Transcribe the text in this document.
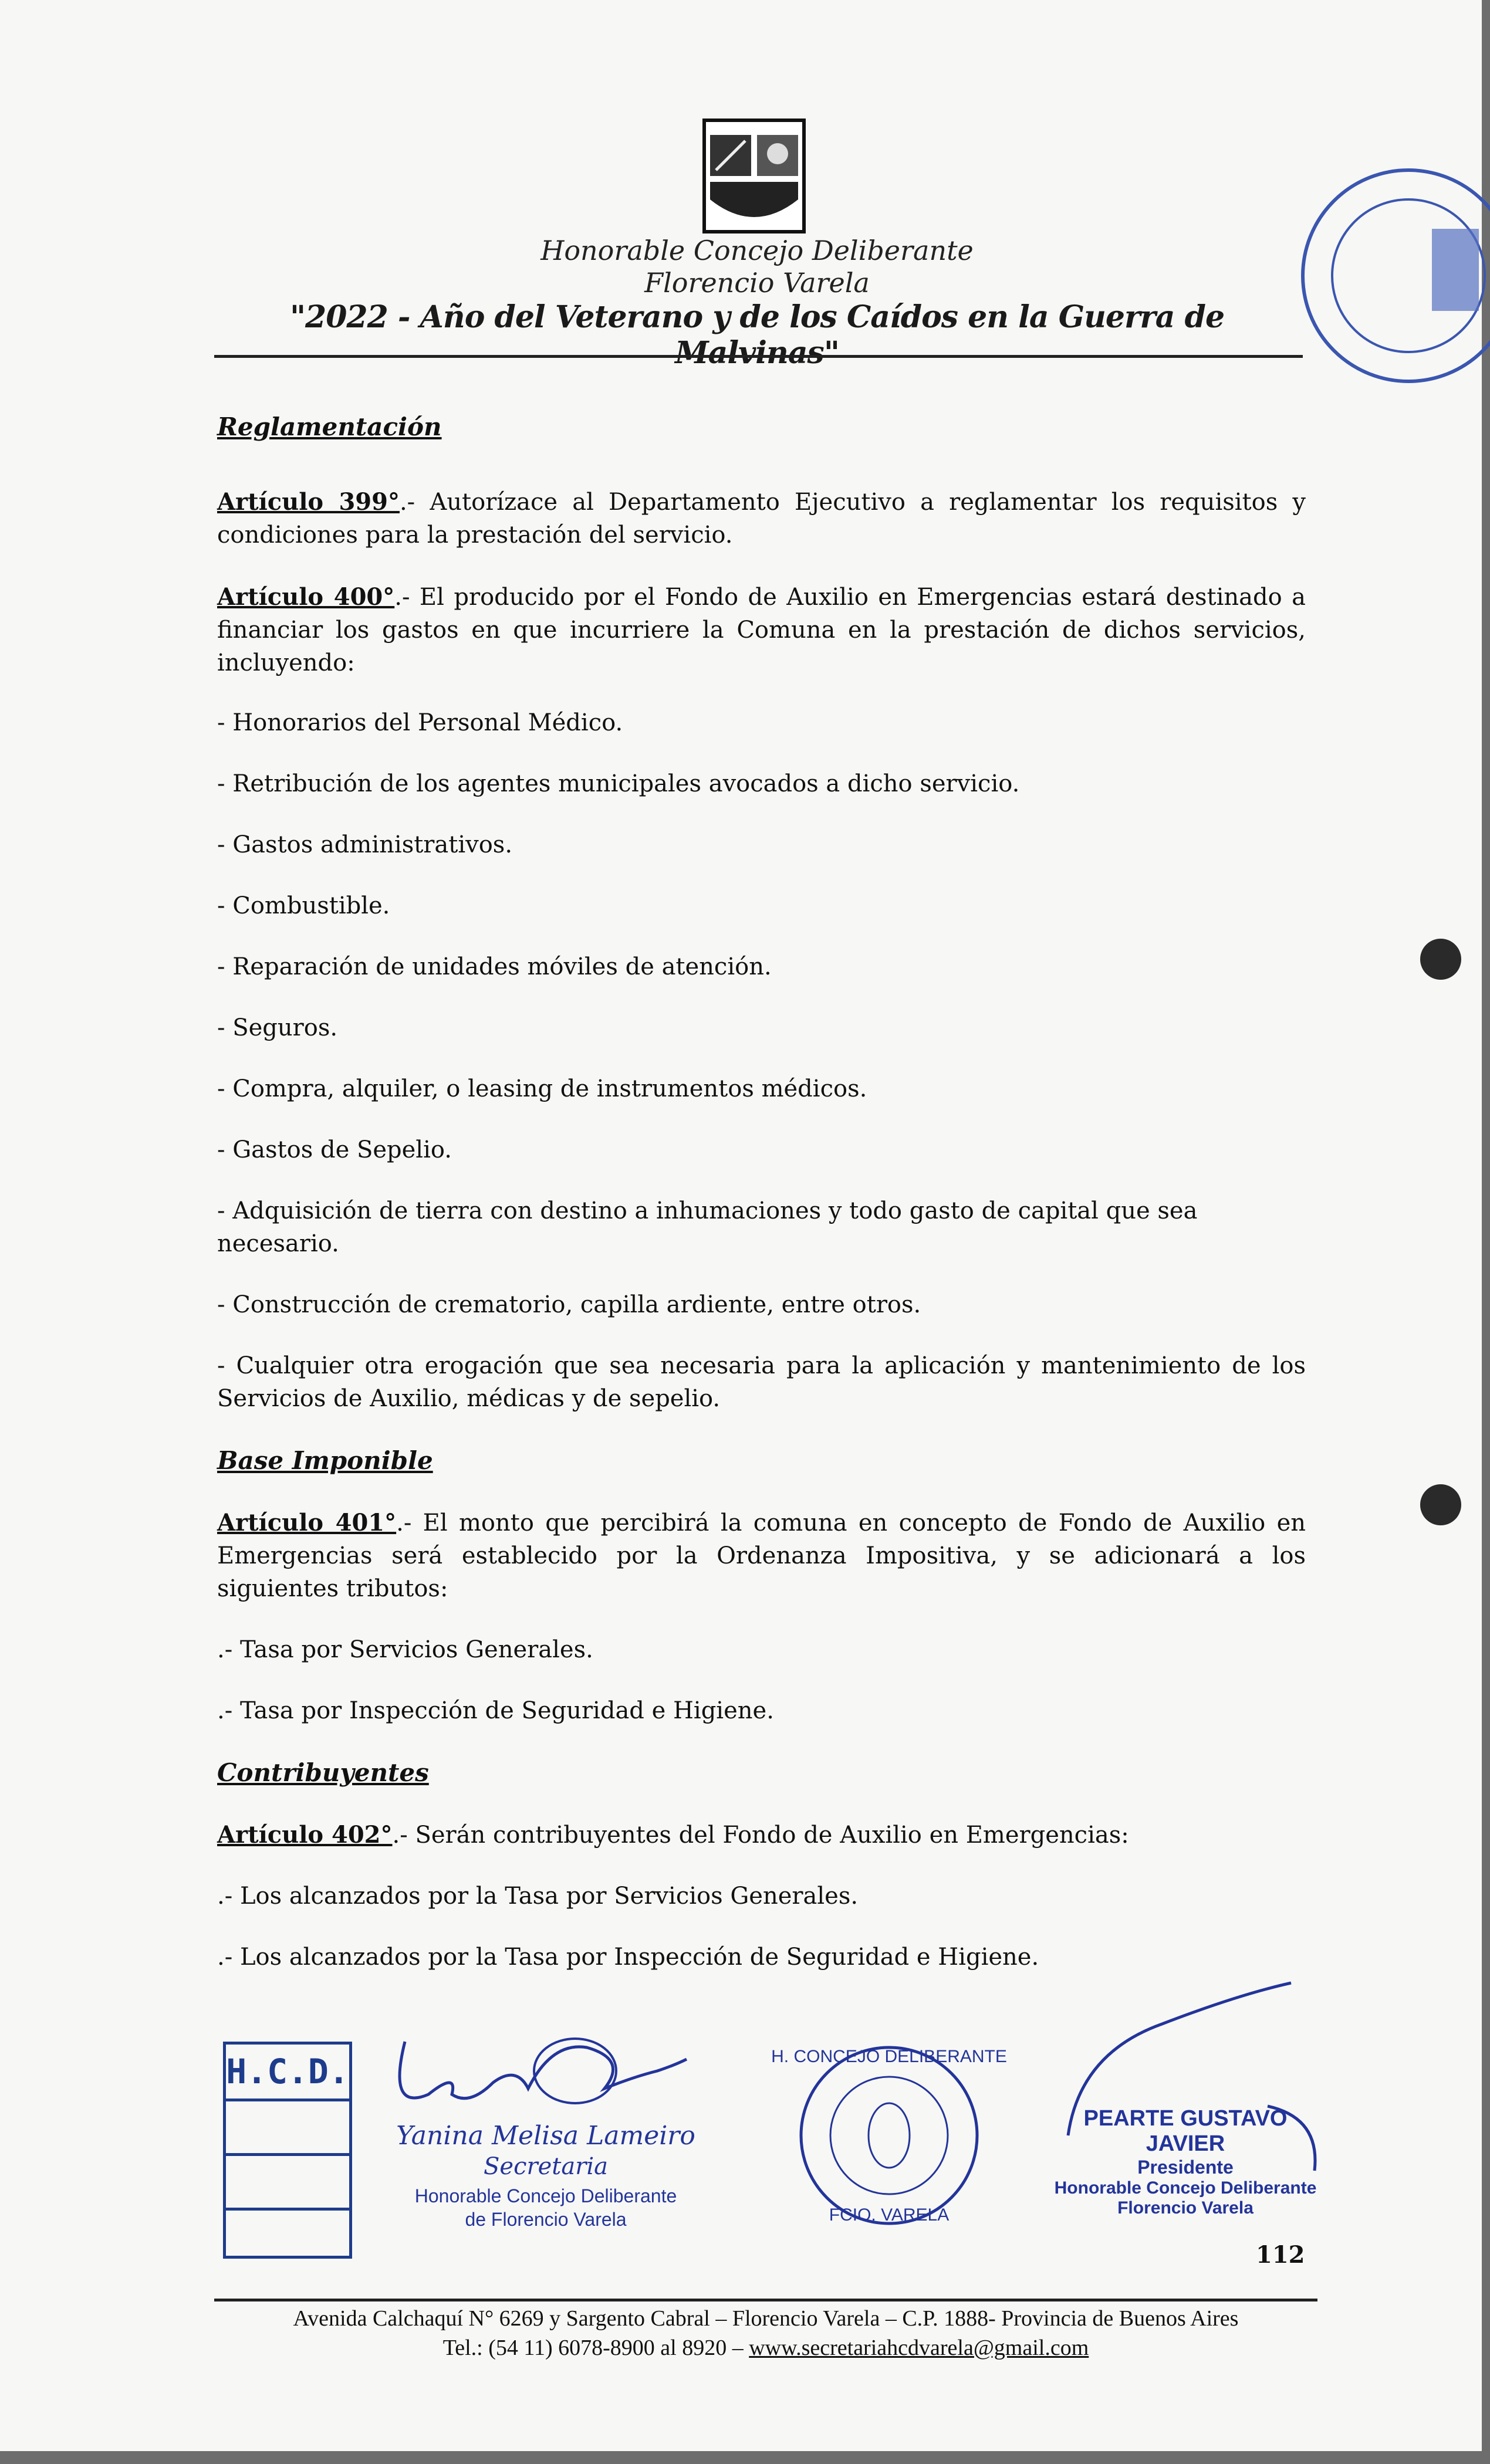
Honorable Concejo Deliberante
Florencio Varela
"2022 - Año del Veterano y de los Caídos en la Guerra de Malvinas"

Reglamentación

Artículo 399°.- Autorízace al Departamento Ejecutivo a reglamentar los requisitos y condiciones para la prestación del servicio.

Artículo 400°.- El producido por el Fondo de Auxilio en Emergencias estará destinado a financiar los gastos en que incurriere la Comuna en la prestación de dichos servicios, incluyendo:

- Honorarios del Personal Médico.

- Retribución de los agentes municipales avocados a dicho servicio.

- Gastos administrativos.

- Combustible.

- Reparación de unidades móviles de atención.

- Seguros.

- Compra, alquiler, o leasing de instrumentos médicos.

- Gastos de Sepelio.

- Adquisición de tierra con destino a inhumaciones y todo gasto de capital que sea necesario.

- Construcción de crematorio, capilla ardiente, entre otros.

- Cualquier otra erogación que sea necesaria para la aplicación y mantenimiento de los Servicios de Auxilio, médicas y de sepelio.

Base Imponible

Artículo 401°.- El monto que percibirá la comuna en concepto de Fondo de Auxilio en Emergencias será establecido por la Ordenanza Impositiva, y se adicionará a los siguientes tributos:

.- Tasa por Servicios Generales.

.- Tasa por Inspección de Seguridad e Higiene.

Contribuyentes

Artículo 402°.- Serán contribuyentes del Fondo de Auxilio en Emergencias:

.- Los alcanzados por la Tasa por Servicios Generales.

.- Los alcanzados por la Tasa por Inspección de Seguridad e Higiene.

H.C.D.
Yanina Melisa Lameiro
Secretaria
Honorable Concejo Deliberante
de Florencio Varela
H. CONCEJO DELIBERANTE
FCIO. VARELA
PEARTE GUSTAVO JAVIER
Presidente
Honorable Concejo Deliberante
Florencio Varela
112
Avenida Calchaquí N° 6269 y Sargento Cabral – Florencio Varela – C.P. 1888- Provincia de Buenos Aires
Tel.: (54 11) 6078-8900 al 8920 – www.secretariahcdvarela@gmail.com
